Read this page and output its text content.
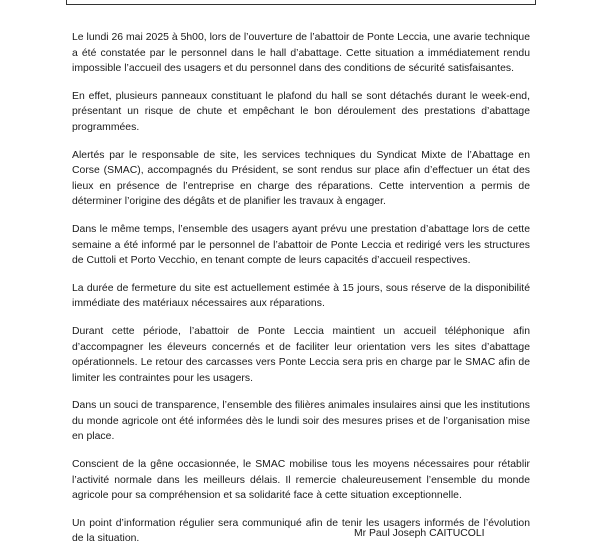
Le lundi 26 mai 2025 à 5h00, lors de l’ouverture de l’abattoir de Ponte Leccia, une avarie technique a été constatée par le personnel dans le hall d’abattage. Cette situation a immédiatement rendu impossible l’accueil des usagers et du personnel dans des conditions de sécurité satisfaisantes.

En effet, plusieurs panneaux constituant le plafond du hall se sont détachés durant le week-end, présentant un risque de chute et empêchant le bon déroulement des prestations d’abattage programmées.

Alertés par le responsable de site, les services techniques du Syndicat Mixte de l’Abattage en Corse (SMAC), accompagnés du Président, se sont rendus sur place afin d’effectuer un état des lieux en présence de l’entreprise en charge des réparations. Cette intervention a permis de déterminer l’origine des dégâts et de planifier les travaux à engager.

Dans le même temps, l’ensemble des usagers ayant prévu une prestation d’abattage lors de cette semaine a été informé par le personnel de l’abattoir de Ponte Leccia et redirigé vers les structures de Cuttoli et Porto Vecchio, en tenant compte de leurs capacités d’accueil respectives.

La durée de fermeture du site est actuellement estimée à 15 jours, sous réserve de la disponibilité immédiate des matériaux nécessaires aux réparations.

Durant cette période, l’abattoir de Ponte Leccia maintient un accueil téléphonique afin d’accompagner les éleveurs concernés et de faciliter leur orientation vers les sites d’abattage opérationnels. Le retour des carcasses vers Ponte Leccia sera pris en charge par le SMAC afin de limiter les contraintes pour les usagers.

Dans un souci de transparence, l’ensemble des filières animales insulaires ainsi que les institutions du monde agricole ont été informées dès le lundi soir des mesures prises et de l’organisation mise en place.

Conscient de la gêne occasionnée, le SMAC mobilise tous les moyens nécessaires pour rétablir l’activité normale dans les meilleurs délais. Il remercie chaleureusement l’ensemble du monde agricole pour sa compréhension et sa solidarité face à cette situation exceptionnelle.

Un point d’information régulier sera communiqué afin de tenir les usagers informés de l’évolution de la situation.	Mr Paul Joseph CAITUCOLI
